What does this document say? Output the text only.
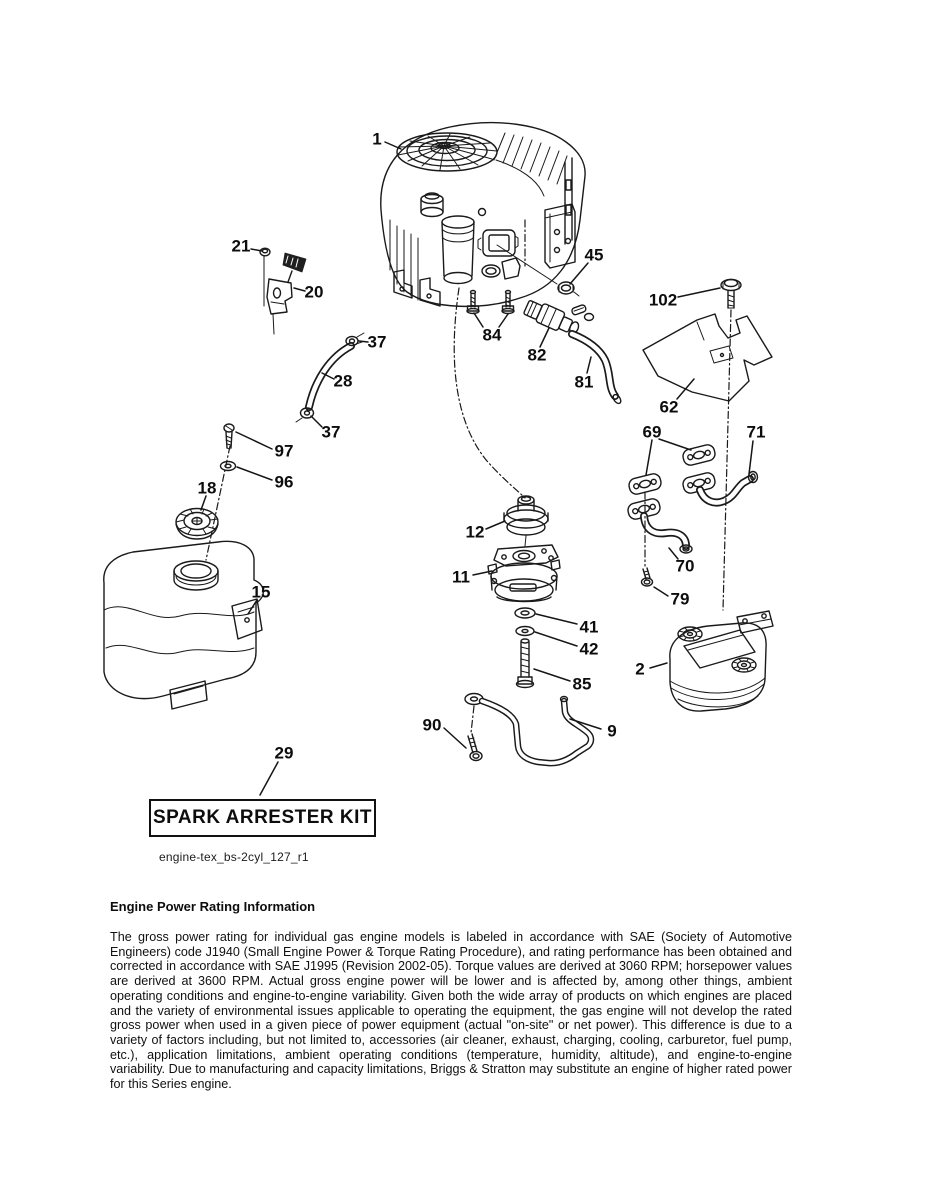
1
21
20
45
102
37
28
84
82
81
62
37	69	71
97
96
18
12
11
70
79
15
41
42
2
85
90	9
29
SPARK ARRESTER KIT
engine-tex_bs-2cyl_127_r1
Engine Power Rating Information

The gross power rating for individual gas engine models is labeled in accordance with SAE (Society of Automotive Engineers) code J1940 (Small Engine Power & Torque Rating Procedure), and rating performance has been obtained and corrected in accordance with SAE J1995 (Revision 2002-05). Torque values are derived at 3060 RPM; horsepower values are derived at 3600 RPM. Actual gross engine power will be lower and is affected by, among other things, ambient operating conditions and engine-to-engine variability. Given both the wide array of products on which engines are placed and the variety of environmental issues applicable to operating the equipment, the gas engine will not develop the rated gross power when used in a given piece of power equipment (actual "on-site" or net power). This difference is due to a variety of factors including, but not limited to, accessories (air cleaner, exhaust, charging, cooling, carburetor, fuel pump, etc.), application limitations, ambient operating conditions (temperature, humidity, altitude), and engine-to-engine variability. Due to manufacturing and capacity limitations, Briggs & Stratton may substitute an engine of higher rated power for this Series engine.
